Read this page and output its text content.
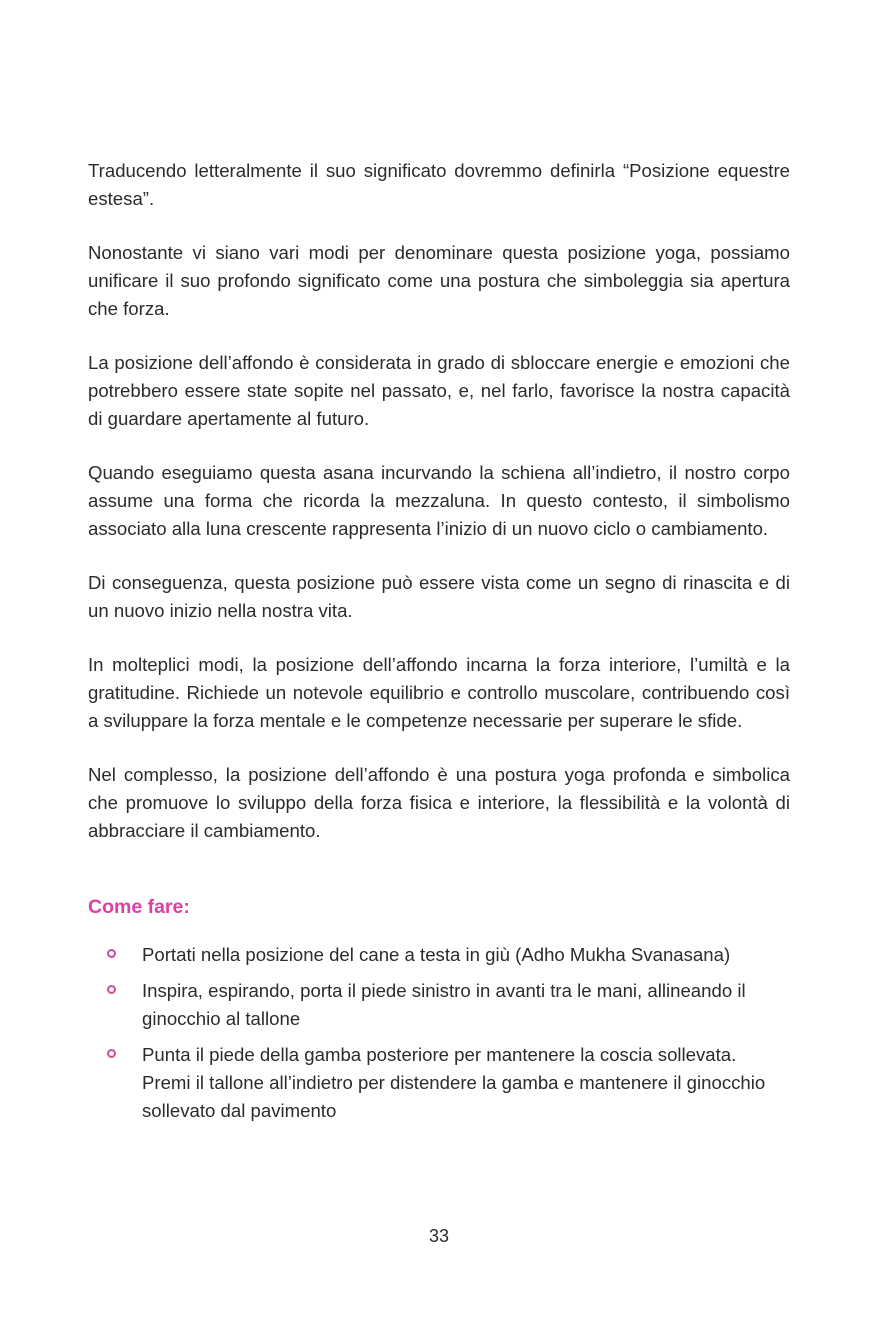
Traducendo letteralmente il suo significato dovremmo definirla “Posizione equestre estesa”.

Nonostante vi siano vari modi per denominare questa posizione yoga, possiamo unificare il suo profondo significato come una postura che simboleggia sia apertura che forza.

La posizione dell’affondo è considerata in grado di sbloccare energie e emozioni che potrebbero essere state sopite nel passato, e, nel farlo, favorisce la nostra capacità di guardare apertamente al futuro.

Quando eseguiamo questa asana incurvando la schiena all’indietro, il nostro corpo assume una forma che ricorda la mezzaluna. In questo contesto, il simbolismo associato alla luna crescente rappresenta l’inizio di un nuovo ciclo o cambiamento.

Di conseguenza, questa posizione può essere vista come un segno di rinascita e di un nuovo inizio nella nostra vita.

In molteplici modi, la posizione dell’affondo incarna la forza interiore, l’umiltà e la gratitudine. Richiede un notevole equilibrio e controllo muscolare, contribuendo così a sviluppare la forza mentale e le competenze necessarie per superare le sfide.

Nel complesso, la posizione dell’affondo è una postura yoga profonda e simbolica che promuove lo sviluppo della forza fisica e interiore, la flessibilità e la volontà di abbracciare il cambiamento.

Come fare:
Portati nella posizione del cane a testa in giù (Adho Mukha Svanasana)
Inspira, espirando, porta il piede sinistro in avanti tra le mani, allineando il ginocchio al tallone
Punta il piede della gamba posteriore per mantenere la coscia sollevata. Premi il tallone all’indietro per distendere la gamba e mantenere il ginocchio sollevato dal pavimento
33
